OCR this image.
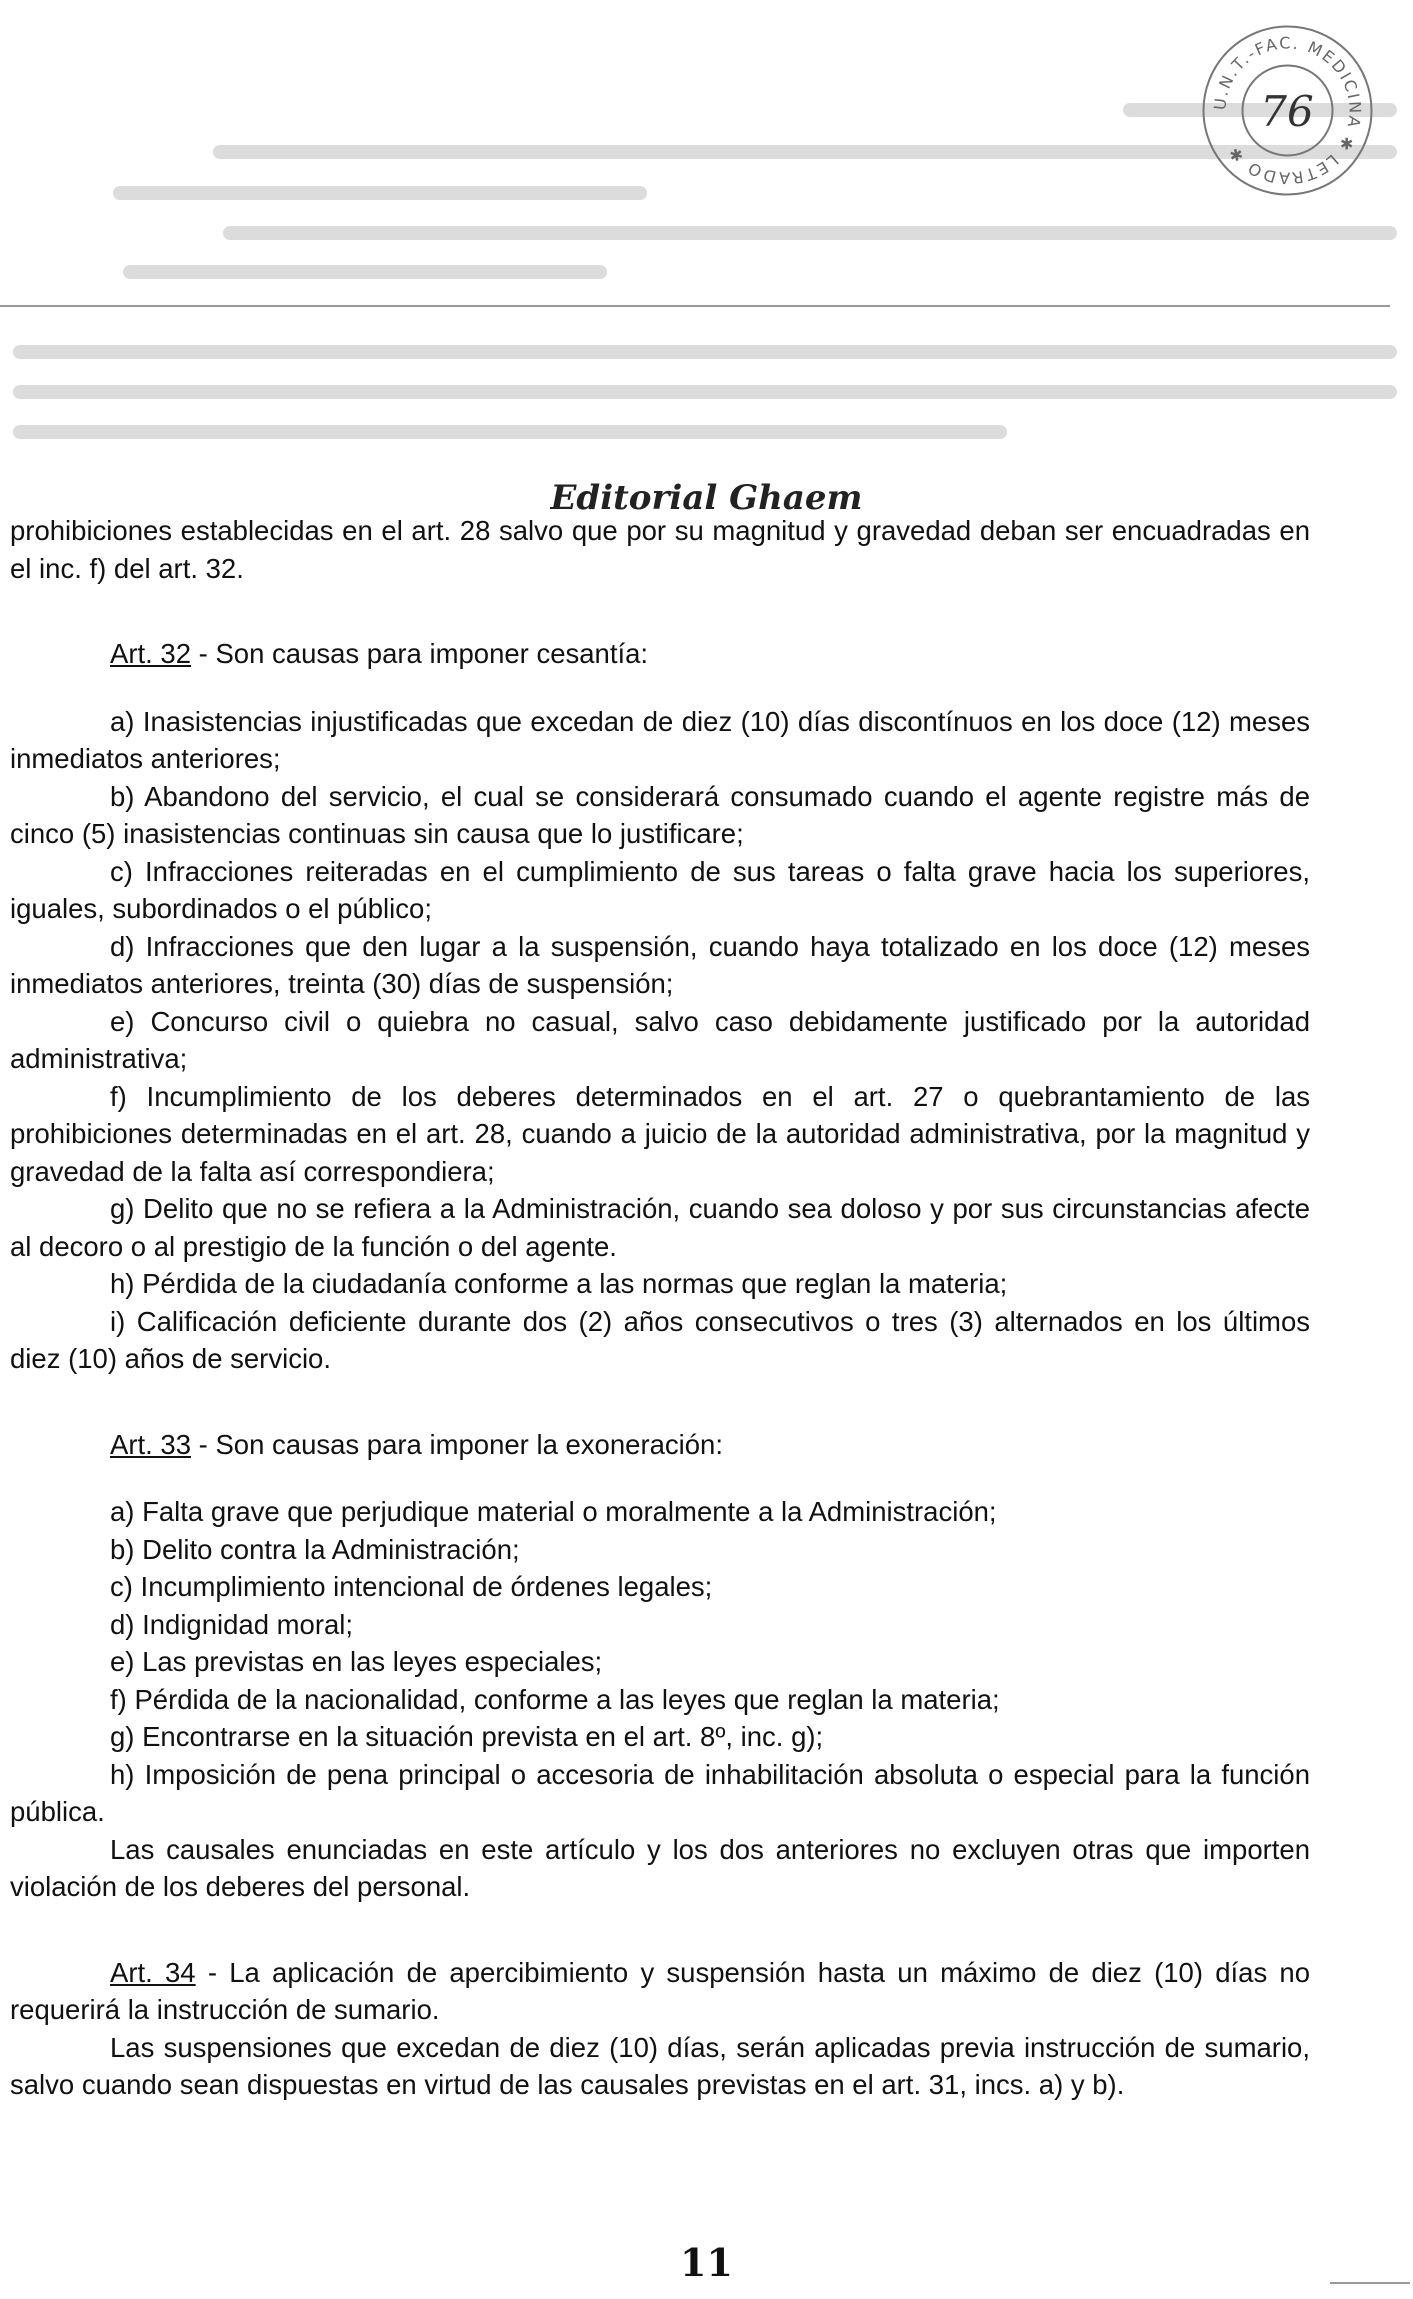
U.N.T.-FAC. MEDICINA ✱ LETRADO ✱
76
Editorial Ghaem

prohibiciones establecidas en el art. 28 salvo que por su magnitud y gravedad deban ser encuadradas en el inc. f) del art. 32.

Art. 32 - Son causas para imponer cesantía:

a) Inasistencias injustificadas que excedan de diez (10) días discontínuos en los doce (12) meses inmediatos anteriores;

b) Abandono del servicio, el cual se considerará consumado cuando el agente registre más de cinco (5) inasistencias continuas sin causa que lo justificare;

c) Infracciones reiteradas en el cumplimiento de sus tareas o falta grave hacia los superiores, iguales, subordinados o el público;

d) Infracciones que den lugar a la suspensión, cuando haya totalizado en los doce (12) meses inmediatos anteriores, treinta (30) días de suspensión;

e) Concurso civil o quiebra no casual, salvo caso debidamente justificado por la autoridad administrativa;

f) Incumplimiento de los deberes determinados en el art. 27 o quebrantamiento de las prohibiciones determinadas en el art. 28, cuando a juicio de la autoridad administrativa, por la magnitud y gravedad de la falta así correspondiera;

g) Delito que no se refiera a la Administración, cuando sea doloso y por sus circunstancias afecte al decoro o al prestigio de la función o del agente.

h) Pérdida de la ciudadanía conforme a las normas que reglan la materia;

i) Calificación deficiente durante dos (2) años consecutivos o tres (3) alternados en los últimos diez (10) años de servicio.

Art. 33 - Son causas para imponer la exoneración:

a) Falta grave que perjudique material o moralmente a la Administración;

b) Delito contra la Administración;

c) Incumplimiento intencional de órdenes legales;

d) Indignidad moral;

e) Las previstas en las leyes especiales;

f) Pérdida de la nacionalidad, conforme a las leyes que reglan la materia;

g) Encontrarse en la situación prevista en el art. 8º, inc. g);

h) Imposición de pena principal o accesoria de inhabilitación absoluta o especial para la función pública.

Las causales enunciadas en este artículo y los dos anteriores no excluyen otras que importen violación de los deberes del personal.

Art. 34 - La aplicación de apercibimiento y suspensión hasta un máximo de diez (10) días no requerirá la instrucción de sumario.

Las suspensiones que excedan de diez (10) días, serán aplicadas previa instrucción de sumario, salvo cuando sean dispuestas en virtud de las causales previstas en el art. 31, incs. a) y b).

11
